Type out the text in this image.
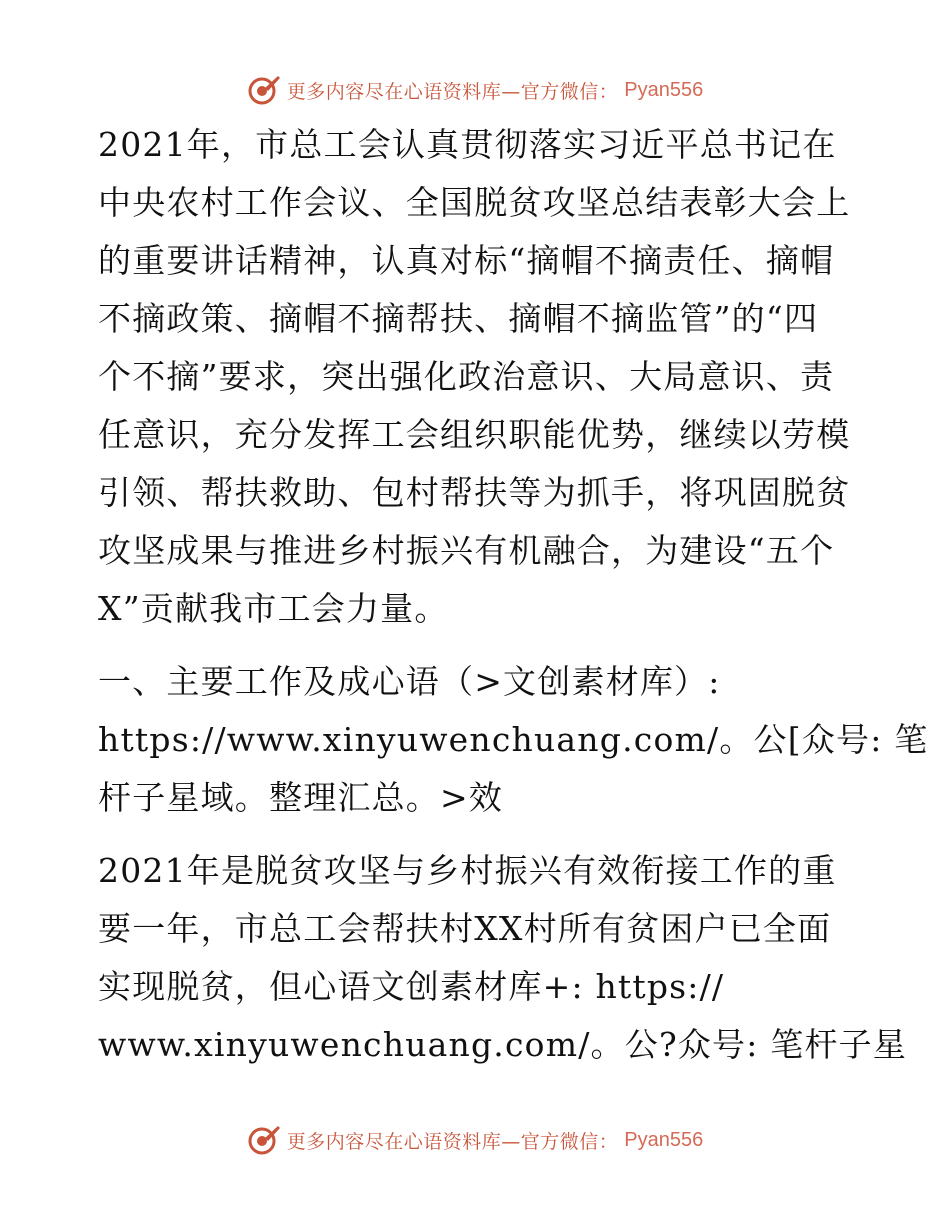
更多内容尽在心语资料库—官方微信： Pyan556
2021年，市总工会认真贯彻落实习近平总书记在
中央农村工作会议、全国脱贫攻坚总结表彰大会上
的重要讲话精神，认真对标“摘帽不摘责任、摘帽
不摘政策、摘帽不摘帮扶、摘帽不摘监管”的“四
个不摘”要求，突出强化政治意识、大局意识、责
任意识，充分发挥工会组织职能优势，继续以劳模
引领、帮扶救助、包村帮扶等为抓手，将巩固脱贫
攻坚成果与推进乡村振兴有机融合，为建设“五个
X”贡献我市工会力量。
一、主要工作及成心语（>文创素材库）:
https://www.xinyuwenchuang.com/。公[众号: 笔
杆子星域。整理汇总。>效
2021年是脱贫攻坚与乡村振兴有效衔接工作的重
要一年，市总工会帮扶村XX村所有贫困户已全面
实现脱贫，但心语文创素材库+: https://
www.xinyuwenchuang.com/。公?众号: 笔杆子星
更多内容尽在心语资料库—官方微信： Pyan556
